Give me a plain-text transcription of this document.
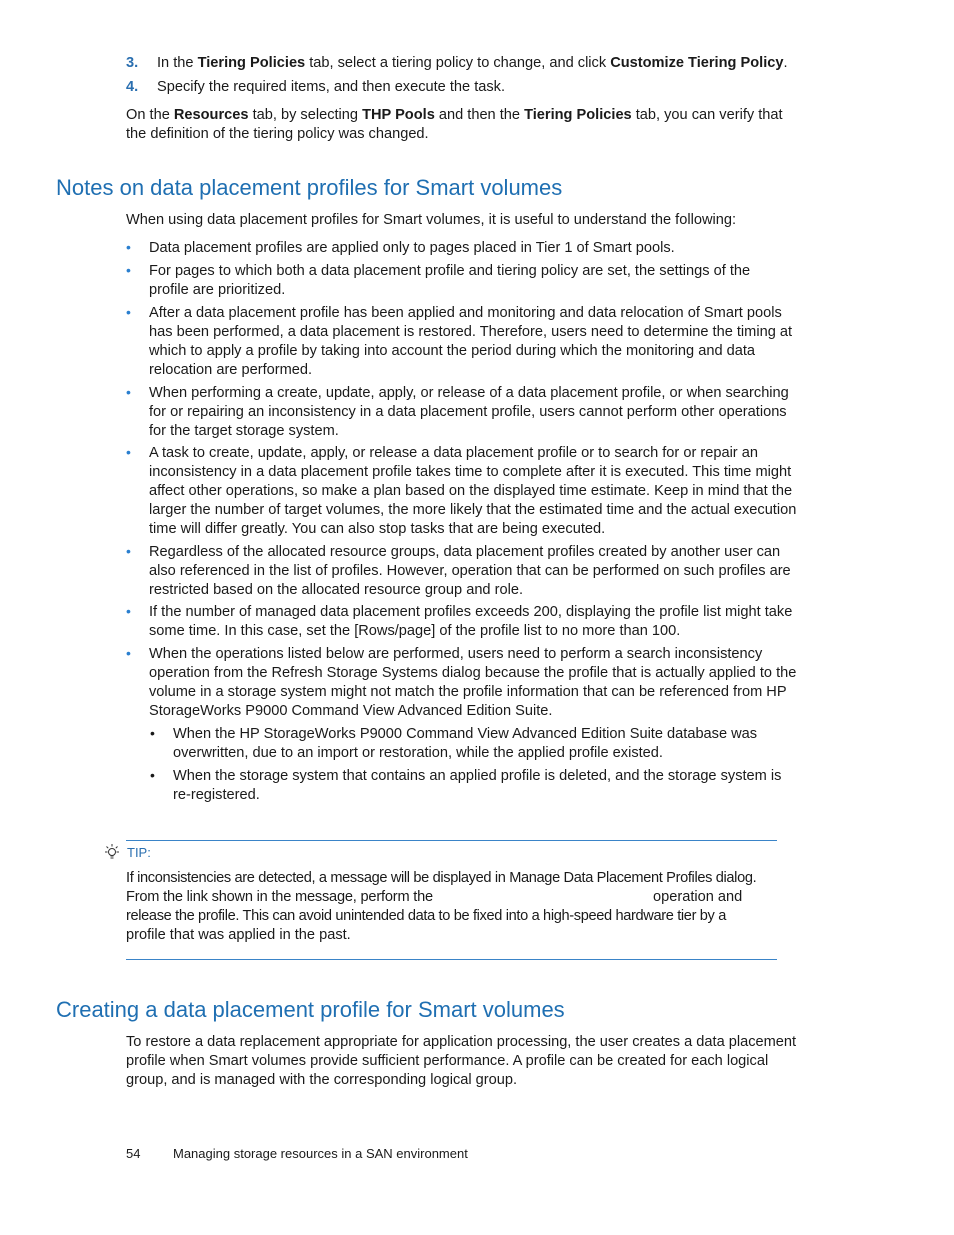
3. In the Tiering Policies tab, select a tiering policy to change, and click Customize Tiering Policy.
4. Specify the required items, and then execute the task.
On the Resources tab, by selecting THP Pools and then the Tiering Policies tab, you can verify that the definition of the tiering policy was changed.
Notes on data placement profiles for Smart volumes
When using data placement profiles for Smart volumes, it is useful to understand the following:
• Data placement profiles are applied only to pages placed in Tier 1 of Smart pools.
• For pages to which both a data placement profile and tiering policy are set, the settings of the profile are prioritized.
• After a data placement profile has been applied and monitoring and data relocation of Smart pools has been performed, a data placement is restored. Therefore, users need to determine the timing at which to apply a profile by taking into account the period during which the monitoring and data relocation are performed.
• When performing a create, update, apply, or release of a data placement profile, or when searching for or repairing an inconsistency in a data placement profile, users cannot perform other operations for the target storage system.
• A task to create, update, apply, or release a data placement profile or to search for or repair an inconsistency in a data placement profile takes time to complete after it is executed. This time might affect other operations, so make a plan based on the displayed time estimate. Keep in mind that the larger the number of target volumes, the more likely that the estimated time and the actual execution time will differ greatly. You can also stop tasks that are being executed.
• Regardless of the allocated resource groups, data placement profiles created by another user can also referenced in the list of profiles. However, operation that can be performed on such profiles are restricted based on the allocated resource group and role.
• If the number of managed data placement profiles exceeds 200, displaying the profile list might take some time. In this case, set the [Rows/page] of the profile list to no more than 100.
• When the operations listed below are performed, users need to perform a search inconsistency operation from the Refresh Storage Systems dialog because the profile that is actually applied to the volume in a storage system might not match the profile information that can be referenced from HP StorageWorks P9000 Command View Advanced Edition Suite.
• When the HP StorageWorks P9000 Command View Advanced Edition Suite database was overwritten, due to an import or restoration, while the applied profile existed.
• When the storage system that contains an applied profile is deleted, and the storage system is re-registered.
TIP:
If inconsistencies are detected, a message will be displayed in Manage Data Placement Profiles dialog.
From the link shown in the message, perform the	operation and
release the profile. This can avoid unintended data to be fixed into a high-speed hardware tier by a
profile that was applied in the past.
Creating a data placement profile for Smart volumes
To restore a data replacement appropriate for application processing, the user creates a data placement profile when Smart volumes provide sufficient performance. A profile can be created for each logical group, and is managed with the corresponding logical group.
54	Managing storage resources in a SAN environment
